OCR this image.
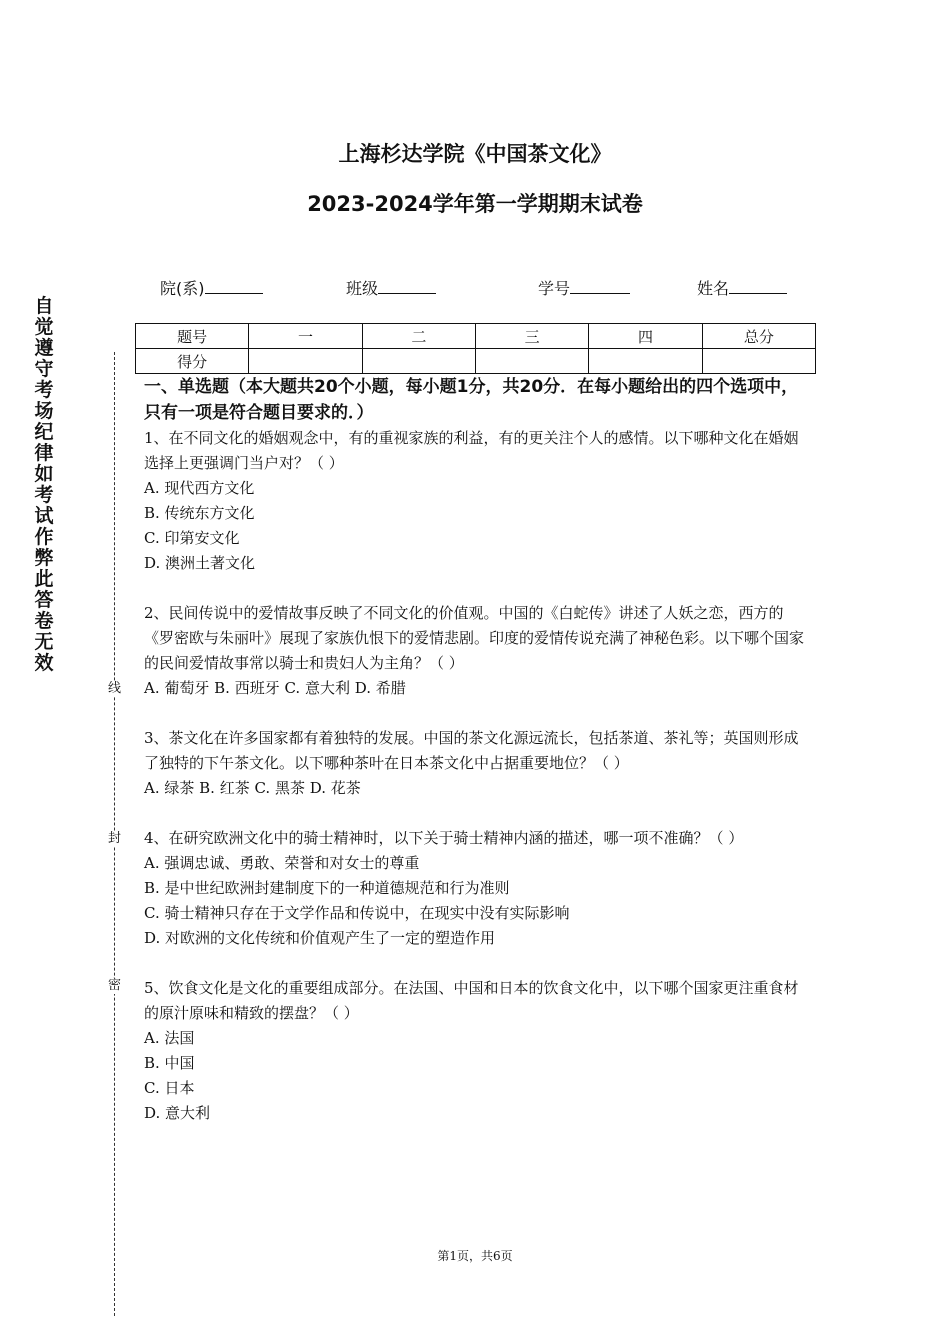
上海杉达学院《中国茶文化》
2023-2024学年第一学期期末试卷
院(系)	班级	学号	姓名
题号	一	二	三	四	总分
得分					
自觉遵守考场纪律如考试作弊此答卷无效
线
封
密
一、单选题（本大题共20个小题，每小题1分，共20分．在每小题给出的四个选项中，只有一项是符合题目要求的．）

1、在不同文化的婚姻观念中，有的重视家族的利益，有的更关注个人的感情。以下哪种文化在婚姻选择上更强调门当户对？（ ）

A. 现代西方文化

B. 传统东方文化

C. 印第安文化

D. 澳洲土著文化

2、民间传说中的爱情故事反映了不同文化的价值观。中国的《白蛇传》讲述了人妖之恋，西方的《罗密欧与朱丽叶》展现了家族仇恨下的爱情悲剧。印度的爱情传说充满了神秘色彩。以下哪个国家的民间爱情故事常以骑士和贵妇人为主角？（ ）

A. 葡萄牙 B. 西班牙 C. 意大利 D. 希腊

3、茶文化在许多国家都有着独特的发展。中国的茶文化源远流长，包括茶道、茶礼等；英国则形成了独特的下午茶文化。以下哪种茶叶在日本茶文化中占据重要地位？（ ）

A. 绿茶 B. 红茶 C. 黑茶 D. 花茶

4、在研究欧洲文化中的骑士精神时，以下关于骑士精神内涵的描述，哪一项不准确？（ ）

A. 强调忠诚、勇敢、荣誉和对女士的尊重

B. 是中世纪欧洲封建制度下的一种道德规范和行为准则

C. 骑士精神只存在于文学作品和传说中，在现实中没有实际影响

D. 对欧洲的文化传统和价值观产生了一定的塑造作用

5、饮食文化是文化的重要组成部分。在法国、中国和日本的饮食文化中，以下哪个国家更注重食材的原汁原味和精致的摆盘？（ ）

A. 法国

B. 中国

C. 日本

D. 意大利

第1页，共6页
